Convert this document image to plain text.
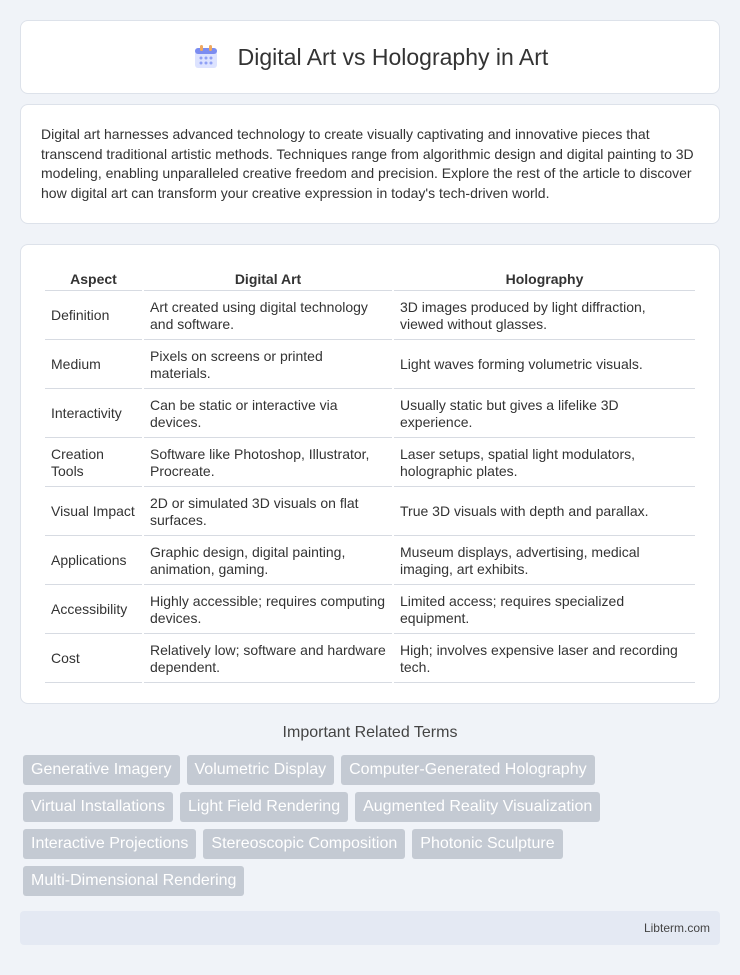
Digital Art vs Holography in Art

Digital art harnesses advanced technology to create visually captivating and innovative pieces that transcend traditional artistic methods. Techniques range from algorithmic design and digital painting to 3D modeling, enabling unparalleled creative freedom and precision. Explore the rest of the article to discover how digital art can transform your creative expression in today's tech-driven world.

Aspect	Digital Art	Holography
Definition	Art created using digital technology and software.	3D images produced by light diffraction, viewed without glasses.
Medium	Pixels on screens or printed materials.	Light waves forming volumetric visuals.
Interactivity	Can be static or interactive via devices.	Usually static but gives a lifelike 3D experience.
Creation Tools	Software like Photoshop, Illustrator, Procreate.	Laser setups, spatial light modulators, holographic plates.
Visual Impact	2D or simulated 3D visuals on flat surfaces.	True 3D visuals with depth and parallax.
Applications	Graphic design, digital painting, animation, gaming.	Museum displays, advertising, medical imaging, art exhibits.
Accessibility	Highly accessible; requires computing devices.	Limited access; requires specialized equipment.
Cost	Relatively low; software and hardware dependent.	High; involves expensive laser and recording tech.
Important Related Terms
Generative Imagery	Volumetric Display	Computer-Generated Holography
Virtual Installations	Light Field Rendering	Augmented Reality Visualization
Interactive Projections	Stereoscopic Composition	Photonic Sculpture
Multi-Dimensional Rendering
Libterm.com
